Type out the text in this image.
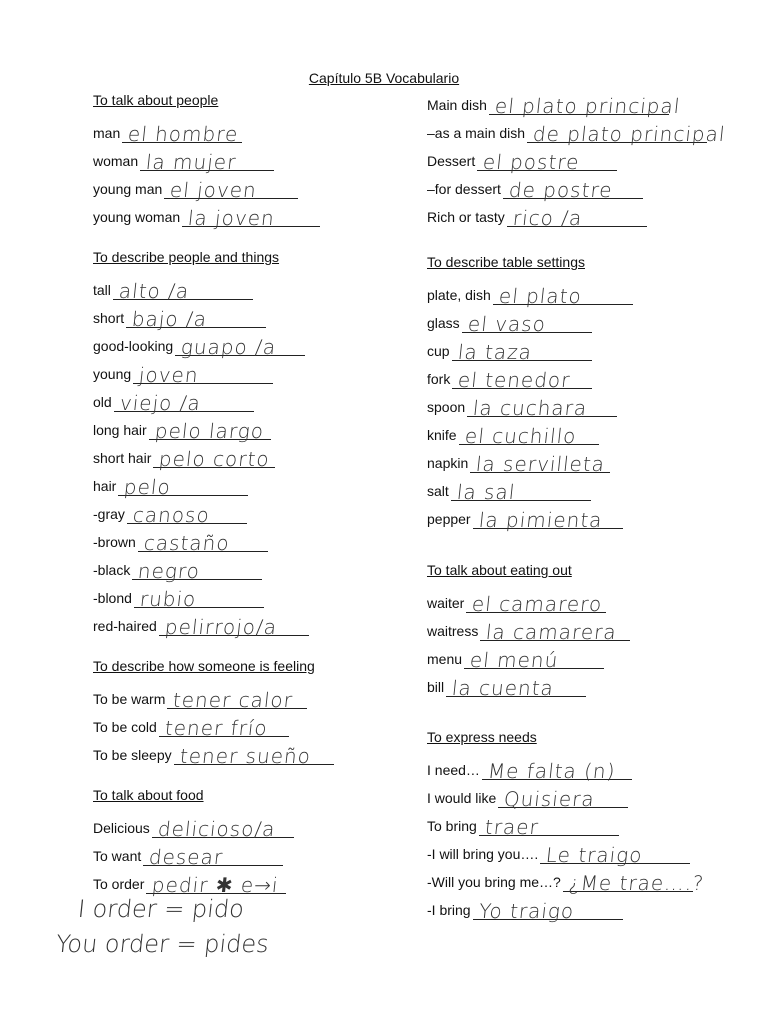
Capítulo 5B Vocabulario
To talk about people
man el hombre
woman la mujer
young man el joven
young woman la joven
To describe people and things
tall alto /a
short bajo /a
good-looking guapo /a
young joven
old viejo /a
long hair pelo largo
short hair pelo corto
hair pelo
-gray canoso
-brown castaño
-black negro
-blond rubio
red-haired pelirrojo/a
To describe how someone is feeling
To be warm tener calor
To be cold tener frío
To be sleepy tener sueño
To talk about food
Delicious delicioso/a
To want desear
To order pedir ✱ e→i
Main dish el plato principal
–as a main dish de plato principal
Dessert el postre
–for dessert de postre
Rich or tasty rico /a
To describe table settings
plate, dish el plato
glass el vaso
cup la taza
fork el tenedor
spoon la cuchara
knife el cuchillo
napkin la servilleta
salt la sal
pepper la pimienta
To talk about eating out
waiter el camarero
waitress la camarera
menu el menú
bill la cuenta
To express needs
I need… Me falta (n)
I would like Quisiera
To bring traer
-I will bring you…. Le traigo
-Will you bring me…? ¿Me trae….?
-I bring Yo traigo
I order = pido
You order = pides
